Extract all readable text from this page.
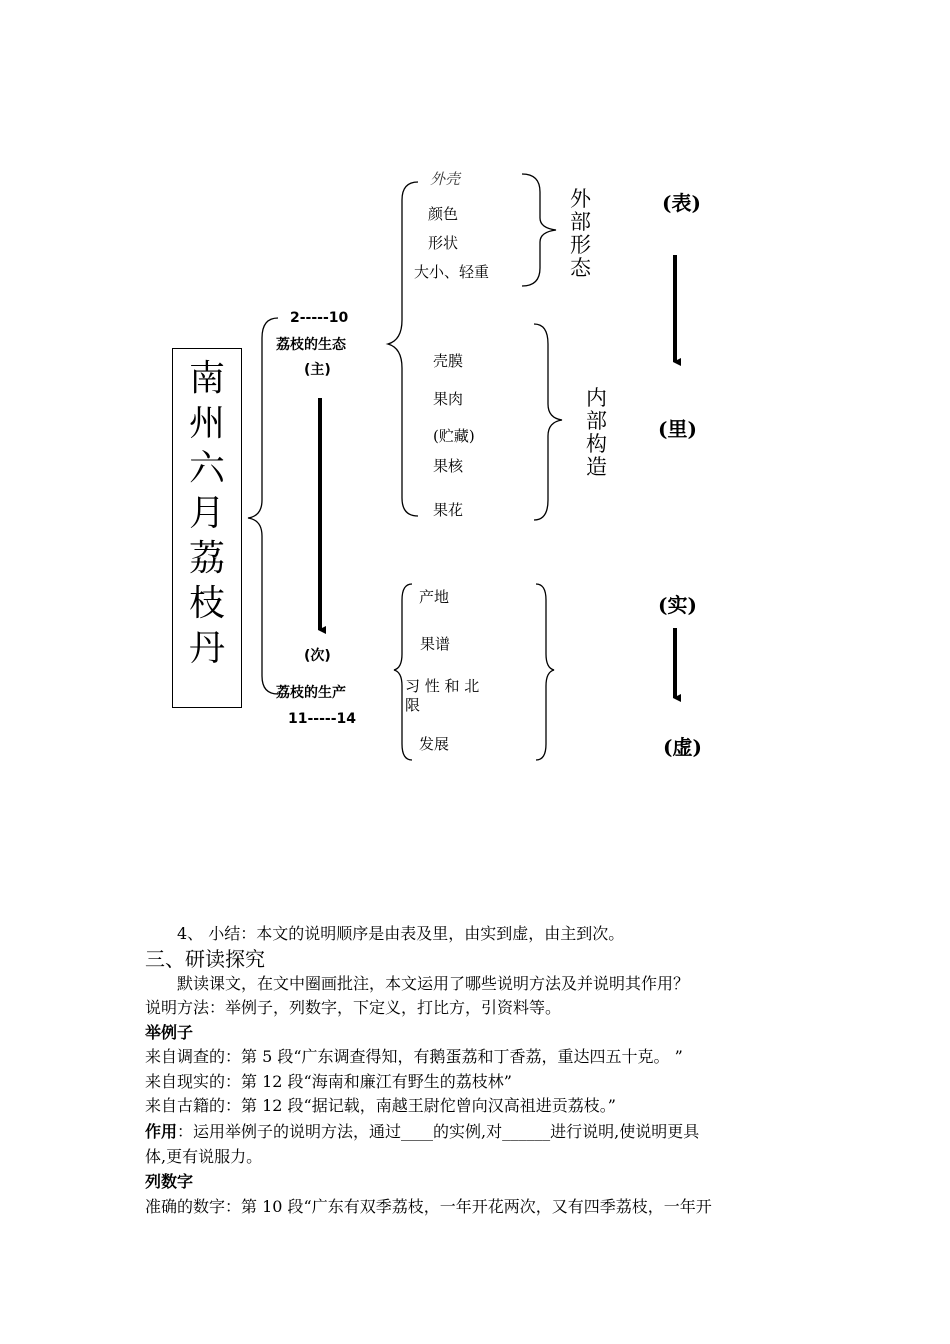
南
州
六
月
荔
枝
丹
2-----10
荔枝的生态
(主)
(次)
荔枝的生产
11-----14
外壳
颜色
形状
大小、轻重
外
部
形
态
壳膜
果肉
(贮藏)
果核
果花
内
部
构
造
产地
果谱
习 性 和 北
限
发展
(表)
(里)
(实)
(虚)
4、 小结：本文的说明顺序是由表及里，由实到虚，由主到次。
三、研读探究
默读课文，在文中圈画批注，本文运用了哪些说明方法及并说明其作用？
说明方法：举例子，列数字，下定义，打比方，引资料等。
举例子
来自调查的：第 5 段“广东调查得知，有鹅蛋荔和丁香荔，重达四五十克。 ”
来自现实的：第 12 段“海南和廉江有野生的荔枝林”
来自古籍的：第 12 段“据记载，南越王尉佗曾向汉高祖进贡荔枝。”
作用：运用举例子的说明方法，通过____的实例,对______进行说明,使说明更具
体,更有说服力。
列数字
准确的数字：第 10 段“广东有双季荔枝，一年开花两次，又有四季荔枝，一年开
